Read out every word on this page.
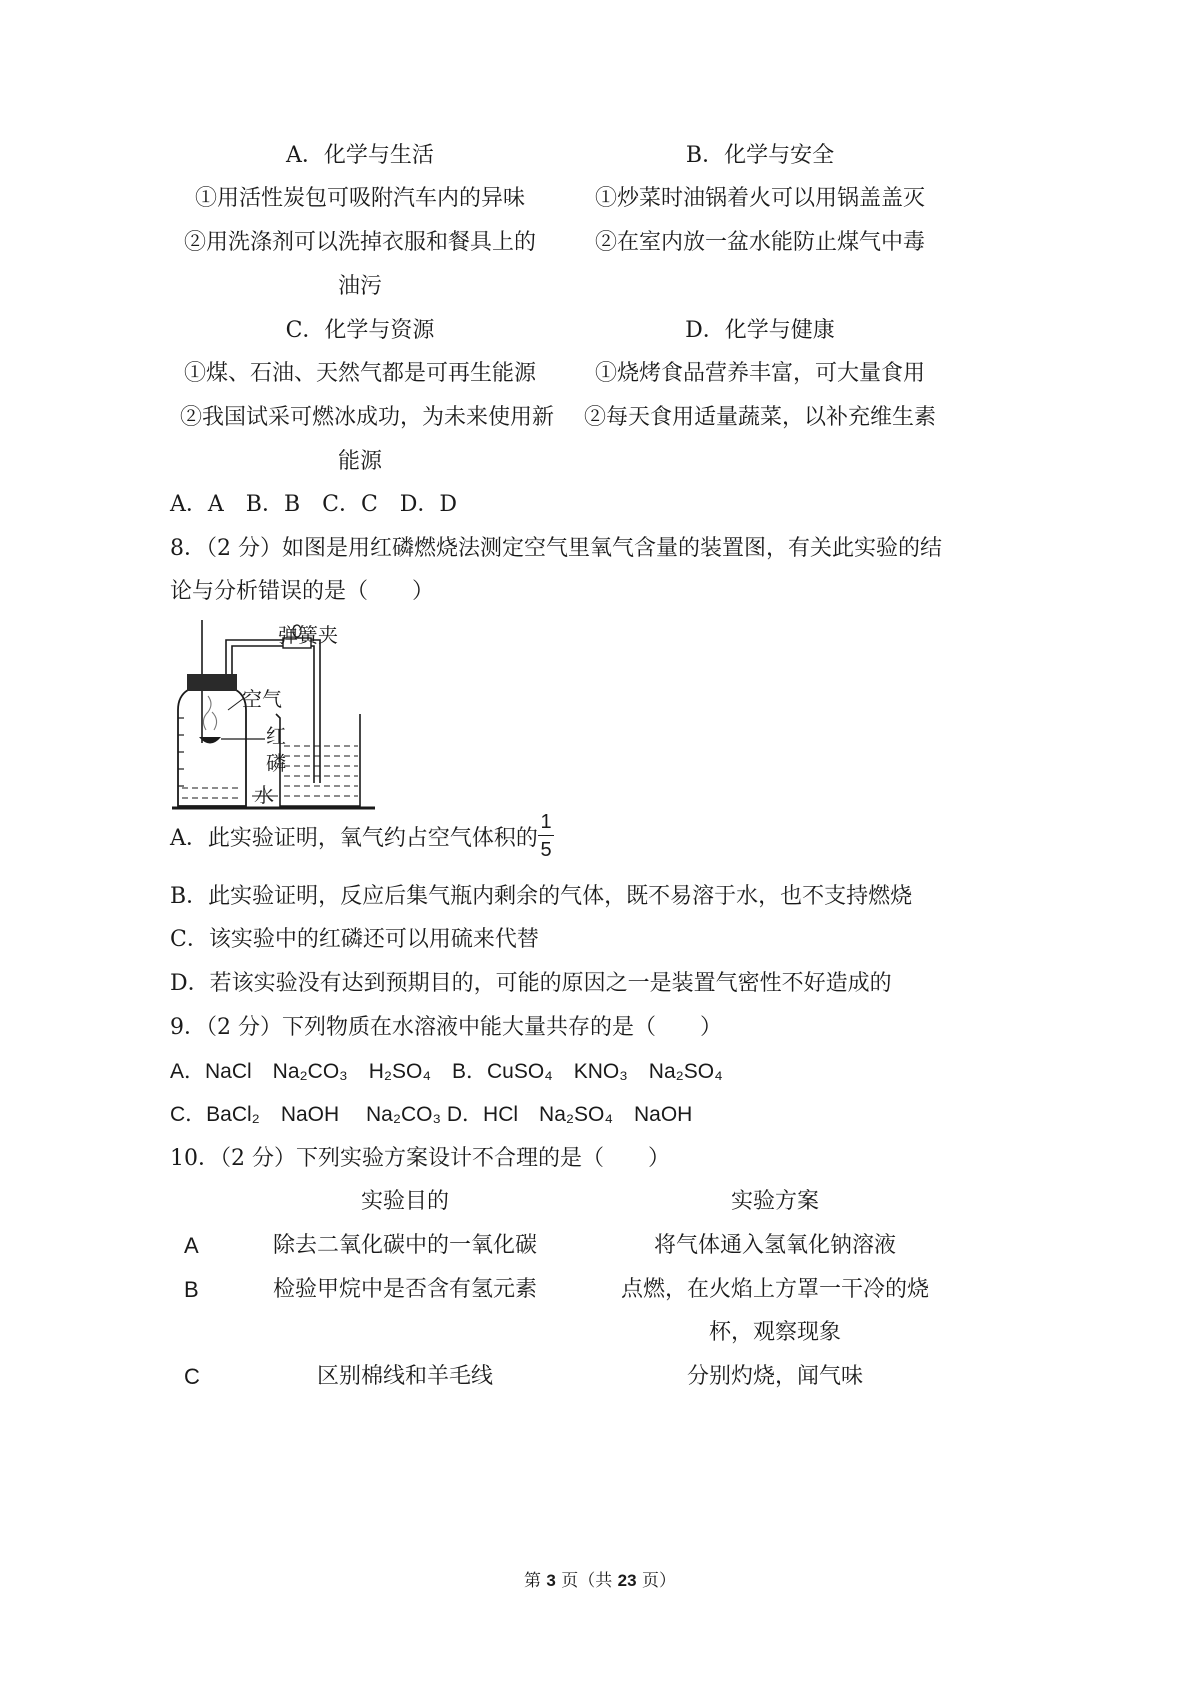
A．化学与生活
①用活性炭包可吸附汽车内的异味
②用洗涤剂可以洗掉衣服和餐具上的
油污
B．化学与安全
①炒菜时油锅着火可以用锅盖盖灭
②在室内放一盆水能防止煤气中毒
C．化学与资源
①煤、石油、天然气都是可再生能源
②我国试采可燃冰成功，为未来使用新
能源
D．化学与健康
①烧烤食品营养丰富，可大量食用
②每天食用适量蔬菜，以补充维生素
A．A　B．B　C．C　D．D
8．（2 分）如图是用红磷燃烧法测定空气里氧气含量的装置图，有关此实验的结
论与分析错误的是（　　）
弹簧夹
空气
红
磷
水
A．此实验证明，氧气约占空气体积的
1
5
B．此实验证明，反应后集气瓶内剩余的气体，既不易溶于水，也不支持燃烧
C．该实验中的红磷还可以用硫来代替
D．若该实验没有达到预期目的，可能的原因之一是装置气密性不好造成的
9．（2 分）下列物质在水溶液中能大量共存的是（　　）
A．NaCl　Na₂CO₃　H₂SO₄　B．CuSO₄　KNO₃　Na₂SO₄
C．BaCl₂　NaOH　 Na₂CO₃ D．HCl　Na₂SO₄　NaOH
10．（2 分）下列实验方案设计不合理的是（　　）
实验目的	实验方案
A	除去二氧化碳中的一氧化碳	将气体通入氢氧化钠溶液
B	检验甲烷中是否含有氢元素	点燃，在火焰上方罩一干冷的烧
杯，观察现象
C	区别棉线和羊毛线	分别灼烧，闻气味
第 3 页（共 23 页）
